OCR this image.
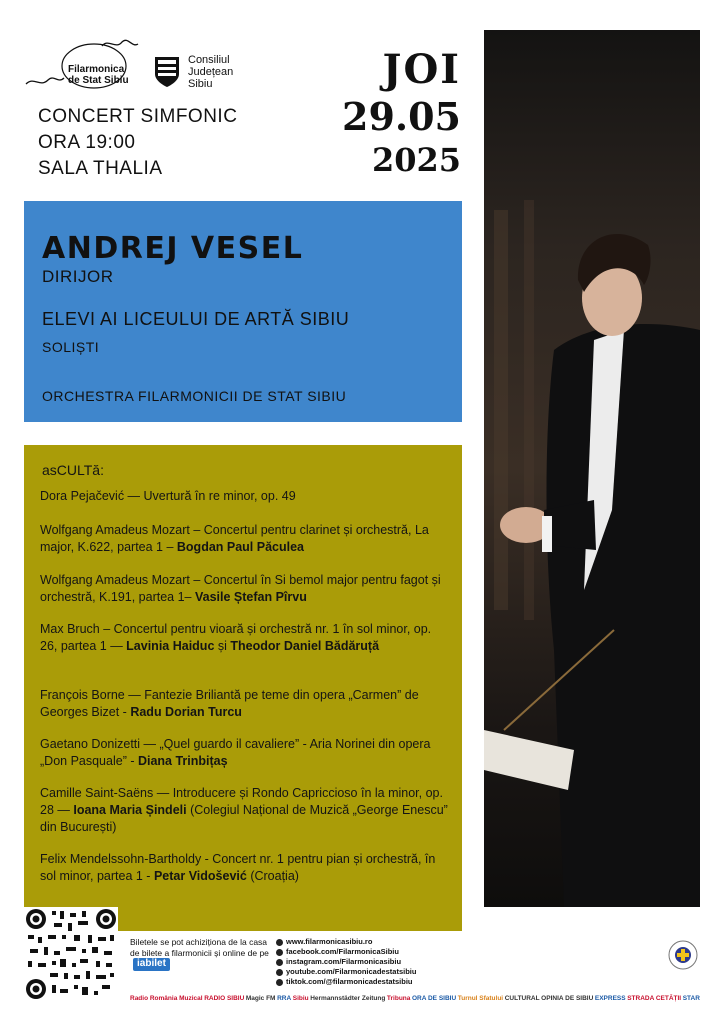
Filarmonica
de Stat Sibiu
Consiliul
Județean
Sibiu
CONCERT SIMFONIC
ORA 19:00
SALA THALIA
JOI
29.05
2025
ANDREJ VESEL
DIRIJOR
ELEVI AI LICEULUI DE ARTĂ SIBIU
SOLIȘTI
ORCHESTRA FILARMONICII DE STAT SIBIU
asCULTă:
Dora Pejačević — Uvertură în re minor, op. 49
Wolfgang Amadeus Mozart – Concertul pentru clarinet și orchestră, La major, K.622, partea 1 – Bogdan Paul Păculea
Wolfgang Amadeus Mozart – Concertul în Si bemol major pentru fagot și orchestră, K.191, partea 1– Vasile Ștefan Pîrvu
Max Bruch – Concertul pentru vioară și orchestră nr. 1 în sol minor, op. 26, partea 1 — Lavinia Haiduc și Theodor Daniel Bădăruță
François Borne — Fantezie Briliantă pe teme din opera „Carmen” de Georges Bizet - Radu Dorian Turcu
Gaetano Donizetti — „Quel guardo il cavaliere” - Aria Norinei din opera „Don Pasquale” - Diana Trinbițaș
Camille Saint-Saëns — Introducere și Rondo Capriccioso în la minor, op. 28 — Ioana Maria Șindeli (Colegiul Național de Muzică „George Enescu” din București)
Felix Mendelssohn-Bartholdy - Concert nr. 1 pentru pian și orchestră, în sol minor, partea 1 - Petar Vidošević (Croația)
Biletele se pot achiziționa de la casa de bilete a filarmonicii și online de peiabilet
www.filarmonicasibiu.ro
facebook.com/FilarmonicaSibiu
instagram.com/Filarmonicasibiu
youtube.com/Filarmonicadestatsibiu
tiktok.com/@filarmonicadestatsibiu
Radio România Muzical RADIO SIBIU Magic FM RRA Sibiu Hermannstädter Zeitung Tribuna ORA DE SIBIU Turnul Sfatului CULTURAL OPINIA DE SIBIU EXPRESS STRADA CETĂȚII STAR
